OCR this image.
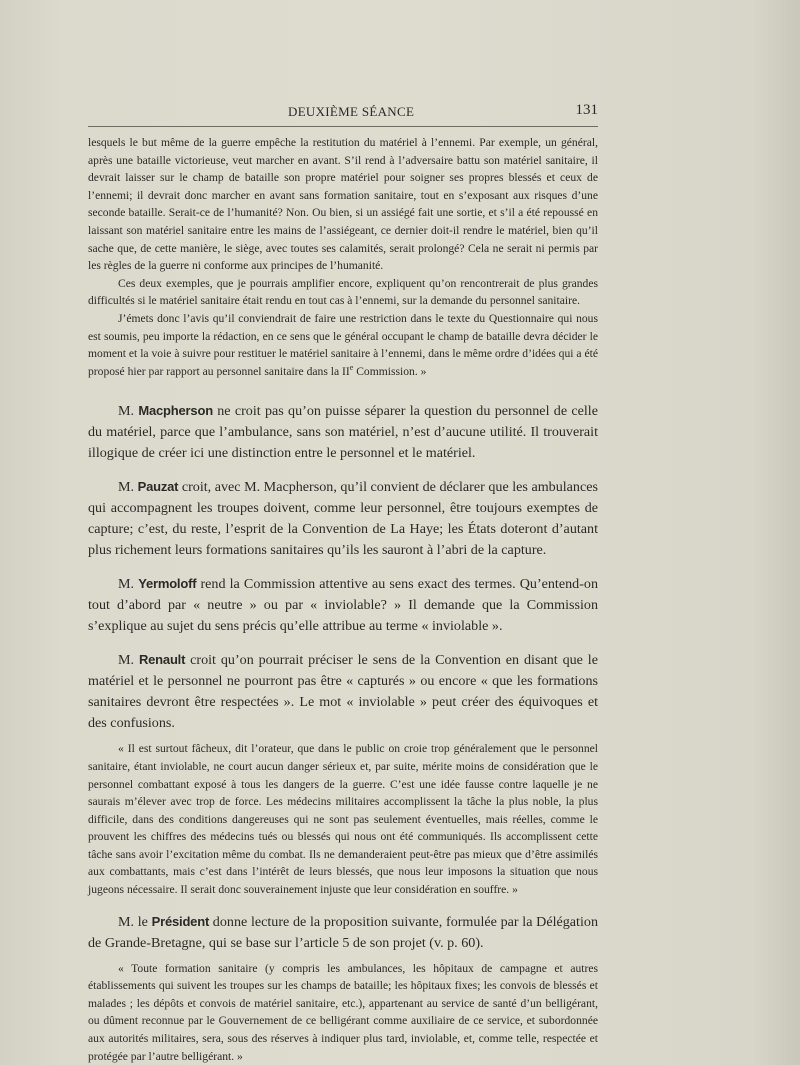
DEUXIÈME SÉANCE	131

lesquels le but même de la guerre empêche la restitution du matériel à l’ennemi. Par exemple, un général, après une bataille victorieuse, veut marcher en avant. S’il rend à l’adversaire battu son matériel sanitaire, il devrait laisser sur le champ de bataille son propre matériel pour soigner ses propres blessés et ceux de l’ennemi; il devrait donc marcher en avant sans formation sanitaire, tout en s’exposant aux risques d’une seconde bataille. Serait-ce de l’humanité? Non. Ou bien, si un assiégé fait une sortie, et s’il a été repoussé en laissant son matériel sanitaire entre les mains de l’assiégeant, ce dernier doit-il rendre le matériel, bien qu’il sache que, de cette manière, le siège, avec toutes ses calamités, serait prolongé? Cela ne serait ni permis par les règles de la guerre ni conforme aux principes de l’humanité.

Ces deux exemples, que je pourrais amplifier encore, expliquent qu’on rencontrerait de plus grandes difficultés si le matériel sanitaire était rendu en tout cas à l’ennemi, sur la demande du personnel sanitaire.

J’émets donc l’avis qu’il conviendrait de faire une restriction dans le texte du Questionnaire qui nous est soumis, peu importe la rédaction, en ce sens que le général occupant le champ de bataille devra décider le moment et la voie à suivre pour restituer le matériel sanitaire à l’ennemi, dans le même ordre d’idées qui a été proposé hier par rapport au personnel sanitaire dans la IIe Commission. »

M. Macpherson ne croit pas qu’on puisse séparer la question du personnel de celle du matériel, parce que l’ambulance, sans son matériel, n’est d’aucune utilité. Il trouverait illogique de créer ici une distinction entre le personnel et le matériel.

M. Pauzat croit, avec M. Macpherson, qu’il convient de déclarer que les ambulances qui accompagnent les troupes doivent, comme leur personnel, être toujours exemptes de capture; c’est, du reste, l’esprit de la Convention de La Haye; les États doteront d’autant plus richement leurs formations sanitaires qu’ils les sauront à l’abri de la capture.

M. Yermoloff rend la Commission attentive au sens exact des termes. Qu’entend-on tout d’abord par « neutre » ou par « inviolable? » Il demande que la Commission s’explique au sujet du sens précis qu’elle attribue au terme « inviolable ».

M. Renault croit qu’on pourrait préciser le sens de la Convention en disant que le matériel et le personnel ne pourront pas être « capturés » ou encore « que les formations sanitaires devront être respectées ». Le mot « inviolable » peut créer des équivoques et des confusions.

« Il est surtout fâcheux, dit l’orateur, que dans le public on croie trop généralement que le personnel sanitaire, étant inviolable, ne court aucun danger sérieux et, par suite, mérite moins de considération que le personnel combattant exposé à tous les dangers de la guerre. C’est une idée fausse contre laquelle je ne saurais m’élever avec trop de force. Les médecins militaires accomplissent la tâche la plus noble, la plus difficile, dans des conditions dangereuses qui ne sont pas seulement éventuelles, mais réelles, comme le prouvent les chiffres des médecins tués ou blessés qui nous ont été communiqués. Ils accomplissent cette tâche sans avoir l’excitation même du combat. Ils ne demanderaient peut-être pas mieux que d’être assimilés aux combattants, mais c’est dans l’intérêt de leurs blessés, que nous leur imposons la situation que nous jugeons nécessaire. Il serait donc souverainement injuste que leur considération en souffre. »

M. le Président donne lecture de la proposition suivante, formulée par la Délégation de Grande-Bretagne, qui se base sur l’article 5 de son projet (v. p. 60).

« Toute formation sanitaire (y compris les ambulances, les hôpitaux de campagne et autres établissements qui suivent les troupes sur les champs de bataille; les hôpitaux fixes; les convois de blessés et malades ; les dépôts et convois de matériel sanitaire, etc.), appartenant au service de santé d’un belligérant, ou dûment reconnue par le Gouvernement de ce belligérant comme auxiliaire de ce service, et subordonnée aux autorités militaires, sera, sous des réserves à indiquer plus tard, inviolable, et, comme telle, respectée et protégée par l’autre belligérant. »
